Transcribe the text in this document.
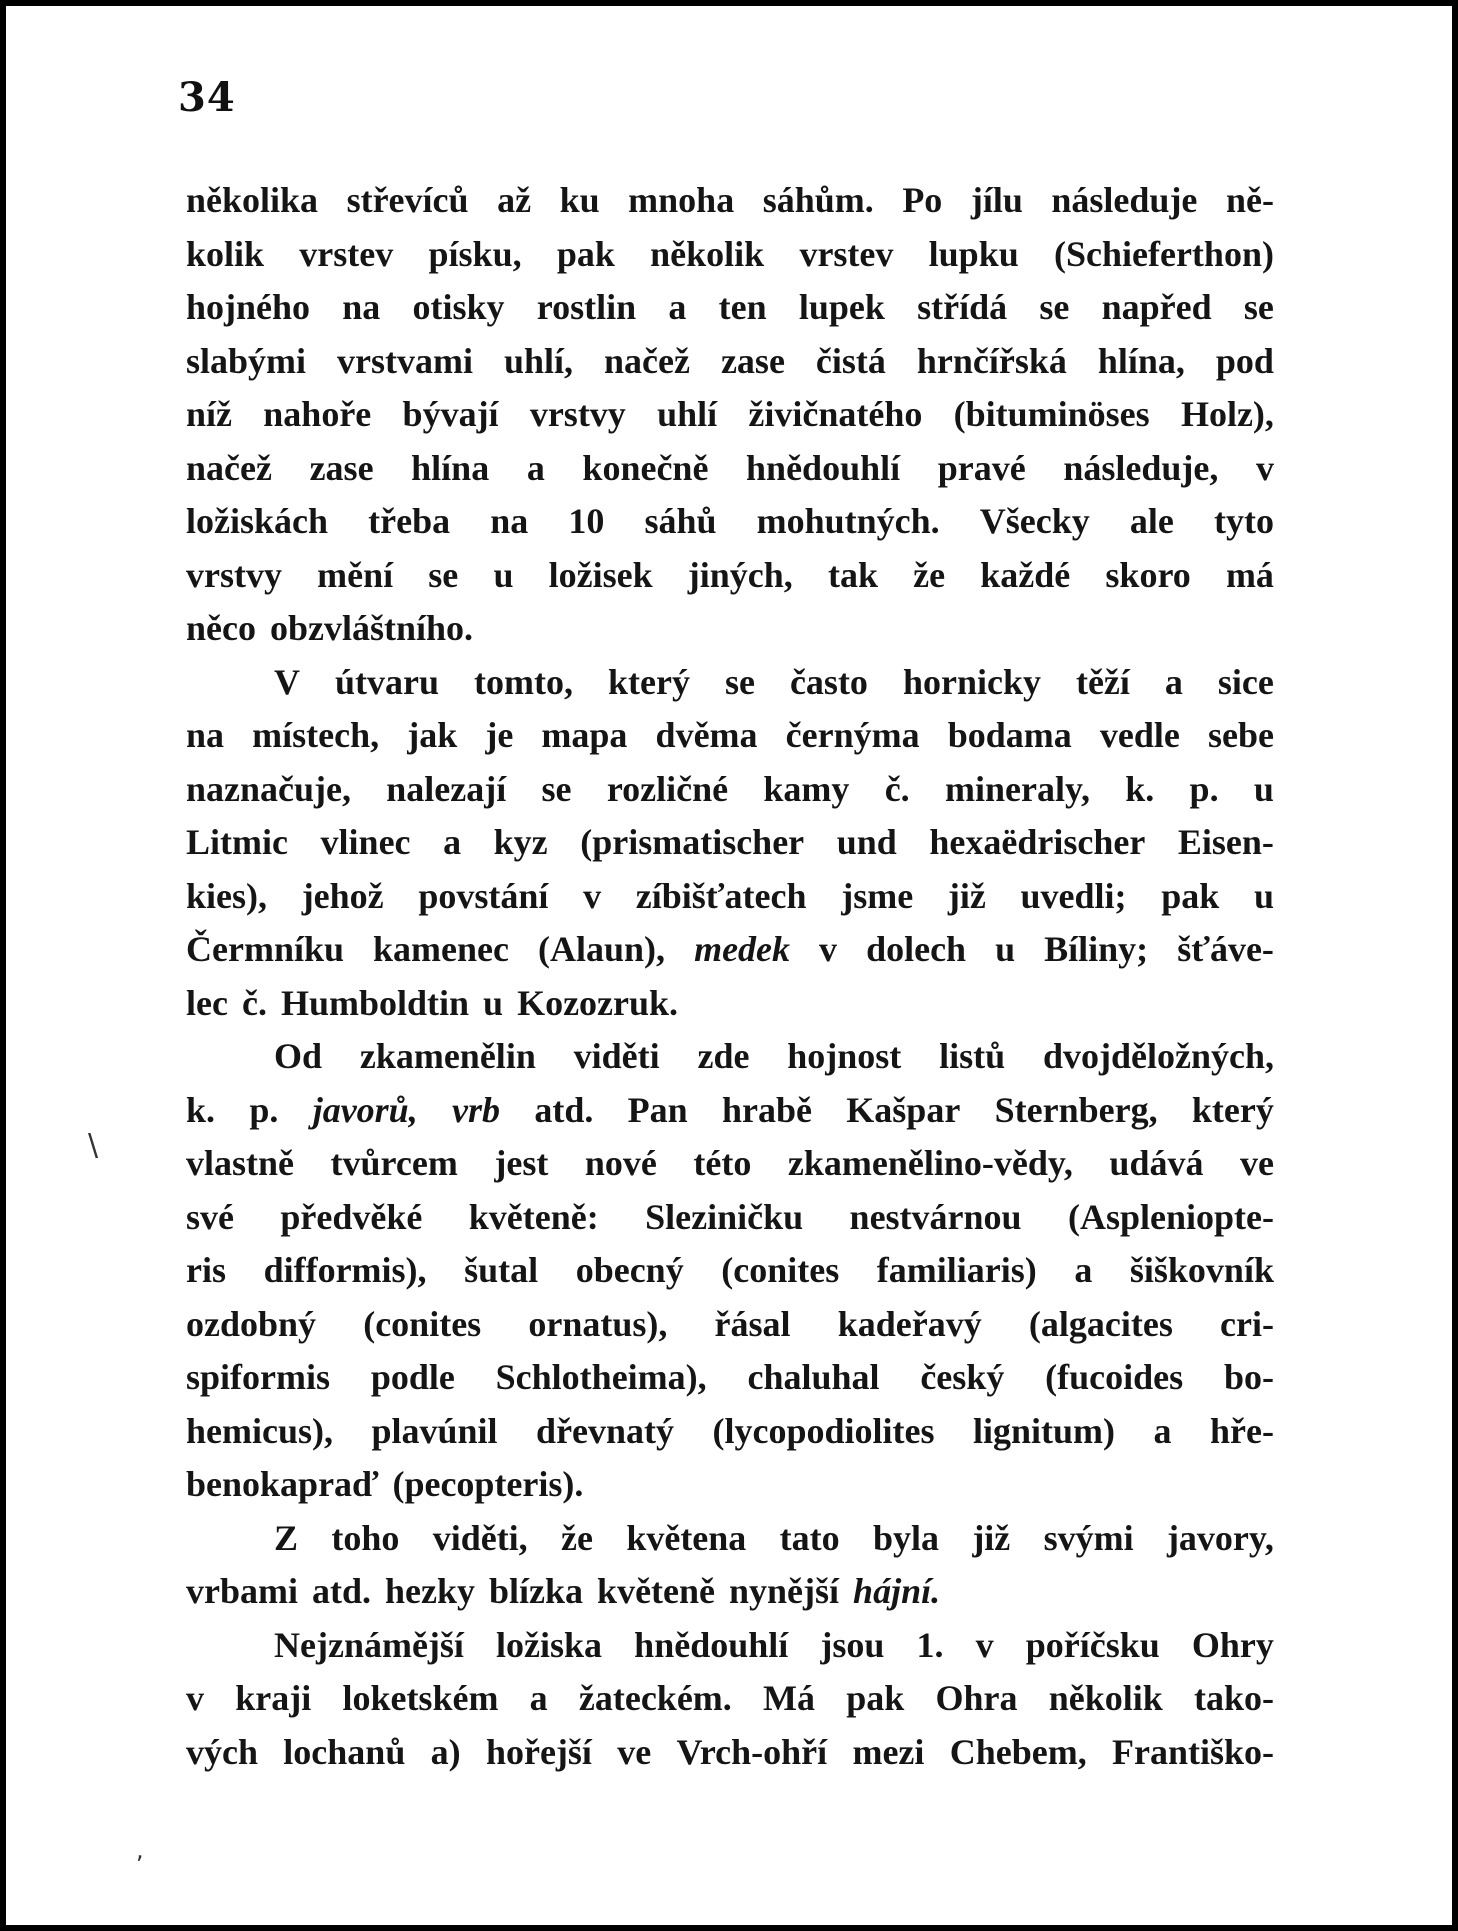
34
několika střevíců až ku mnoha sáhům. Po jílu následuje ně-
kolik vrstev písku, pak několik vrstev lupku (Schieferthon)
hojného na otisky rostlin a ten lupek střídá se napřed se
slabými vrstvami uhlí, načež zase čistá hrnčířská hlína, pod
níž nahoře bývají vrstvy uhlí živičnatého (bituminöses Holz),
načež zase hlína a konečně hnědouhlí pravé následuje, v
ložiskách třeba na 10 sáhů mohutných. Všecky ale tyto
vrstvy mění se u ložisek jiných, tak že každé skoro má
něco obzvláštního.
V útvaru tomto, který se často hornicky těží a sice
na místech, jak je mapa dvěma černýma bodama vedle sebe
naznačuje, nalezají se rozličné kamy č. mineraly, k. p. u
Litmic vlinec a kyz (prismatischer und hexaëdrischer Eisen-
kies), jehož povstání v zíbišťatech jsme již uvedli; pak u
Čermníku kamenec (Alaun), medek v dolech u Bíliny; šťáve-
lec č. Humboldtin u Kozozruk.
Od zkamenělin viděti zde hojnost listů dvojděložných,
k. p. javorů, vrb atd. Pan hrabě Kašpar Sternberg, který
vlastně tvůrcem jest nové této zkamenělino-vědy, udává ve
své předvěké květeně: Sleziničku nestvárnou (Asplenioptе-
ris difformis), šutal obecný (conites familiaris) a šiškovník
ozdobný (conites ornatus), řásal kadeřavý (algacites cri-
spiformis podle Schlotheima), chaluhal český (fucoides bo-
hemicus), plavúnil dřevnatý (lycopodiolites lignitum) a hře-
benokapraď (pecopteris).
Z toho viděti, že květena tato byla již svými javory,
vrbami atd. hezky blízka květeně nynější hájní.
Nejznámější ložiska hnědouhlí jsou 1. v poříčsku Ohry
v kraji loketském a žateckém. Má pak Ohra několik tako-
vých lochanů a) hořejší ve Vrch-ohří mezi Chebem, Františko-
\
,
